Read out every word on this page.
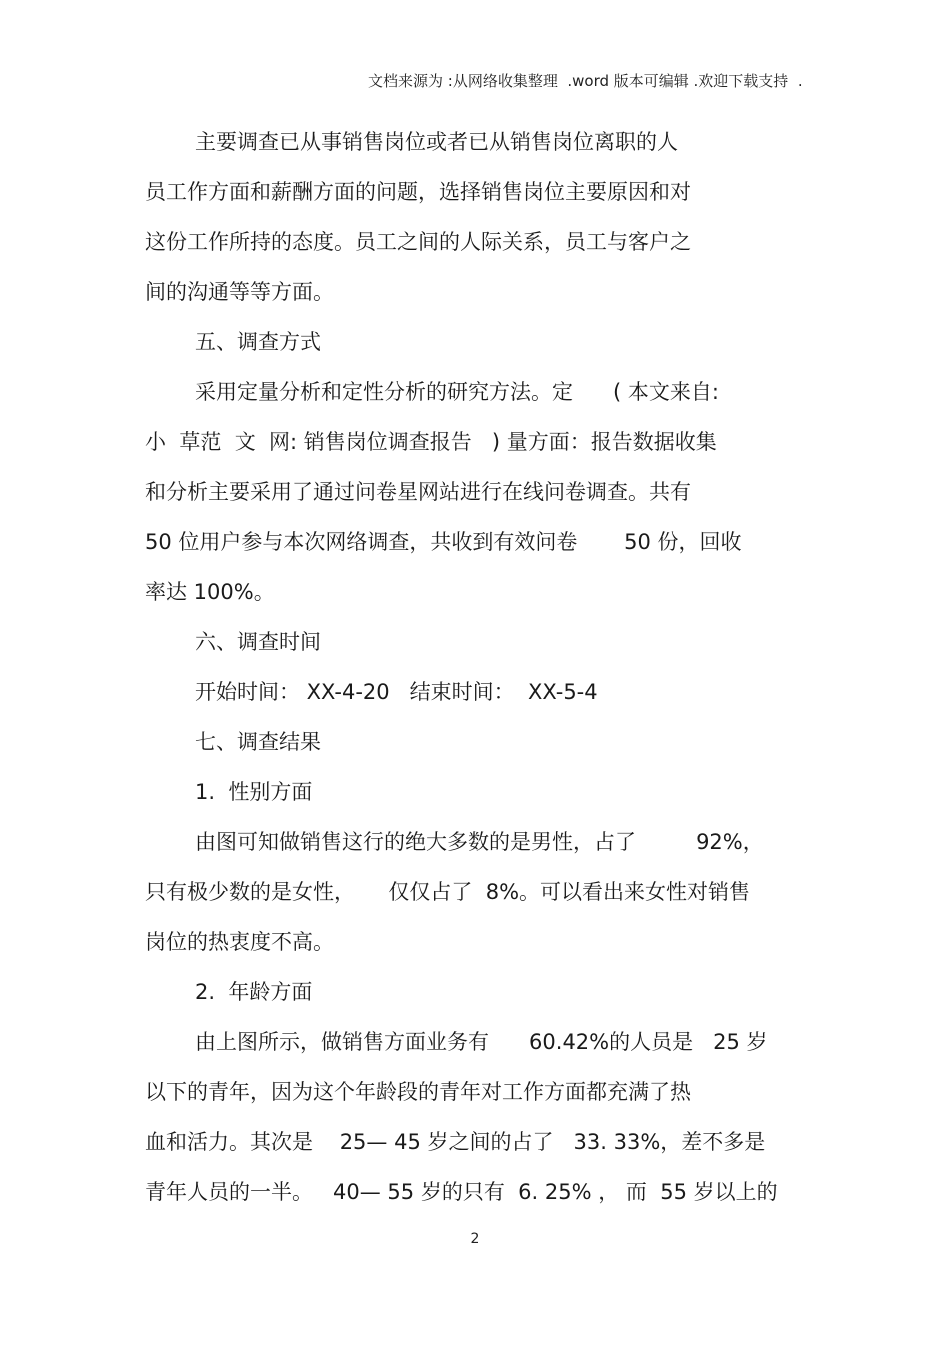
文档来源为 :从网络收集整理  .word 版本可编辑 .欢迎下载支持  .
主要调查已从事销售岗位或者已从销售岗位离职的人
员工作方面和薪酬方面的问题，选择销售岗位主要原因和对
这份工作所持的态度。员工之间的人际关系，员工与客户之
间的沟通等等方面。
五、调查方式
采用定量分析和定性分析的研究方法。定      ( 本文来自:
小  草范  文  网: 销售岗位调查报告   ) 量方面：报告数据收集
和分析主要采用了通过问卷星网站进行在线问卷调查。共有
50 位用户参与本次网络调查，共收到有效问卷       50 份，回收
率达 100%。
六、调查时间
开始时间： XX-4-20   结束时间：  XX-5-4
七、调查结果
1.  性别方面
由图可知做销售这行的绝大多数的是男性，占了         92%，
只有极少数的是女性，     仅仅占了  8%。可以看出来女性对销售
岗位的热衷度不高。
2.  年龄方面
由上图所示，做销售方面业务有      60.42%的人员是   25 岁
以下的青年，因为这个年龄段的青年对工作方面都充满了热
血和活力。其次是    25— 45 岁之间的占了   33. 33%，差不多是
青年人员的一半。   40— 55 岁的只有  6. 25% ， 而  55 岁以上的
2
